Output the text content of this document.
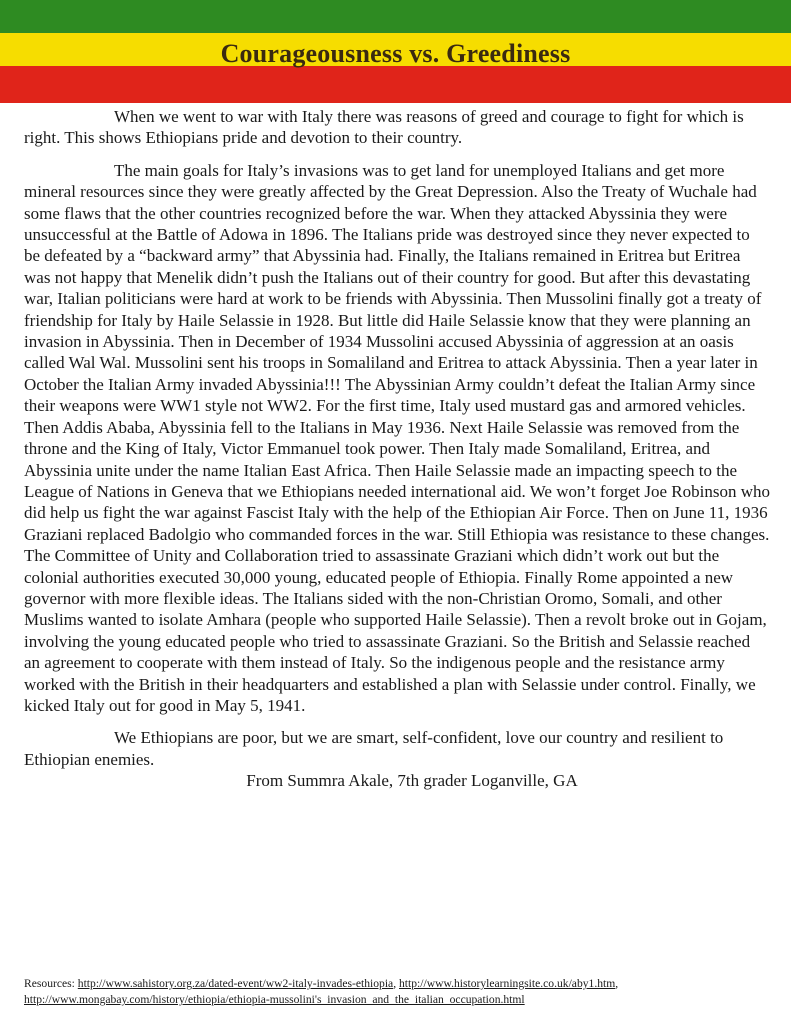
Courageousness vs. Greediness

When we went to war with Italy there was reasons of greed and courage to fight for which is right. This shows Ethiopians pride and devotion to their country.

The main goals for Italy’s invasions was to get land for unemployed Italians and get more mineral resources since they were greatly affected by the Great Depression. Also the Treaty of Wuchale had some flaws that the other countries recognized before the war. When they attacked Abyssinia they were unsuccessful at the Battle of Adowa in 1896. The Italians pride was destroyed since they never expected to be defeated by a “backward army” that Abyssinia had. Finally, the Italians remained in Eritrea but Eritrea was not happy that Menelik didn’t push the Italians out of their country for good. But after this devastating war, Italian politicians were hard at work to be friends with Abyssinia. Then Mussolini finally got a treaty of friendship for Italy by Haile Selassie in 1928. But little did Haile Selassie know that they were planning an invasion in Abyssinia. Then in December of 1934 Mussolini accused Abyssinia of aggression at an oasis called Wal Wal. Mussolini sent his troops in Somaliland and Eritrea to attack Abyssinia. Then a year later in October the Italian Army invaded Abyssinia!!! The Abyssinian Army couldn’t defeat the Italian Army since their weapons were WW1 style not WW2. For the first time, Italy used mustard gas and armored vehicles. Then Addis Ababa, Abyssinia fell to the Italians in May 1936. Next Haile Selassie was removed from the throne and the King of Italy, Victor Emmanuel took power. Then Italy made Somaliland, Eritrea, and Abyssinia unite under the name Italian East Africa. Then Haile Selassie made an impacting speech to the League of Nations in Geneva that we Ethiopians needed international aid. We won’t forget Joe Robinson who did help us fight the war against Fascist Italy with the help of the Ethiopian Air Force. Then on June 11, 1936 Graziani replaced Badolgio who commanded forces in the war. Still Ethiopia was resistance to these changes. The Committee of Unity and Collaboration tried to assassinate Graziani which didn’t work out but the colonial authorities executed 30,000 young, educated people of Ethiopia. Finally Rome appointed a new governor with more flexible ideas. The Italians sided with the non-Christian Oromo, Somali, and other Muslims wanted to isolate Amhara (people who supported Haile Selassie). Then a revolt broke out in Gojam, involving the young educated people who tried to assassinate Graziani. So the British and Selassie reached an agreement to cooperate with them instead of Italy. So the indigenous people and the resistance army worked with the British in their headquarters and established a plan with Selassie under control. Finally, we kicked Italy out for good in May 5, 1941.

We Ethiopians are poor, but we are smart, self-confident, love our country and resilient to Ethiopian enemies.

From Summra Akale, 7th grader Loganville, GA

Resources: http://www.sahistory.org.za/dated-event/ww2-italy-invades-ethiopia, http://www.historylearningsite.co.uk/aby1.htm,
http://www.mongabay.com/history/ethiopia/ethiopia-mussolini's_invasion_and_the_italian_occupation.html
